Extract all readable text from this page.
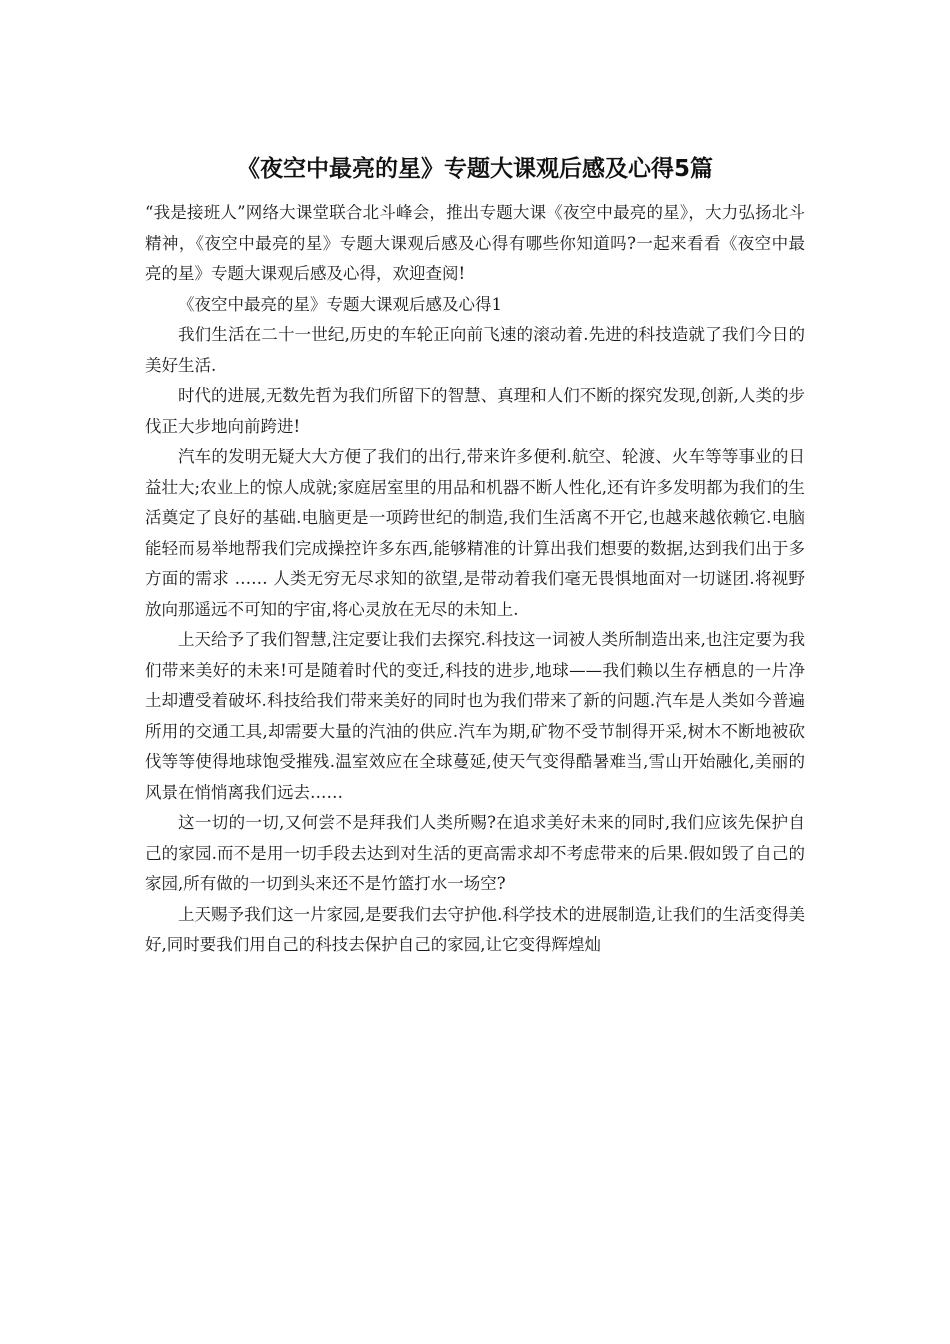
《夜空中最亮的星》专题大课观后感及心得5篇

“我是接班人”网络大课堂联合北斗峰会，推出专题大课《夜空中最亮的星》，大力弘扬北斗精神，《夜空中最亮的星》专题大课观后感及心得有哪些你知道吗?一起来看看《夜空中最亮的星》专题大课观后感及心得，欢迎查阅!

《夜空中最亮的星》专题大课观后感及心得1

我们生活在二十一世纪,历史的车轮正向前飞速的滚动着.先进的科技造就了我们今日的美好生活.

时代的进展,无数先哲为我们所留下的智慧、真理和人们不断的探究发现,创新,人类的步伐正大步地向前跨进!

汽车的发明无疑大大方便了我们的出行,带来许多便利.航空、轮渡、火车等等事业的日益壮大;农业上的惊人成就;家庭居室里的用品和机器不断人性化,还有许多发明都为我们的生活奠定了良好的基础.电脑更是一项跨世纪的制造,我们生活离不开它,也越来越依赖它.电脑能轻而易举地帮我们完成操控许多东西,能够精准的计算出我们想要的数据,达到我们出于多方面的需求 …… 人类无穷无尽求知的欲望,是带动着我们毫无畏惧地面对一切谜团.将视野放向那遥远不可知的宇宙,将心灵放在无尽的未知上.

上天给予了我们智慧,注定要让我们去探究.科技这一词被人类所制造出来,也注定要为我们带来美好的未来!可是随着时代的变迁,科技的进步,地球——我们赖以生存栖息的一片净土却遭受着破坏.科技给我们带来美好的同时也为我们带来了新的问题.汽车是人类如今普遍所用的交通工具,却需要大量的汽油的供应.汽车为期,矿物不受节制得开采,树木不断地被砍伐等等使得地球饱受摧残.温室效应在全球蔓延,使天气变得酷暑难当,雪山开始融化,美丽的风景在悄悄离我们远去……

这一切的一切,又何尝不是拜我们人类所赐?在追求美好未来的同时,我们应该先保护自己的家园.而不是用一切手段去达到对生活的更高需求却不考虑带来的后果.假如毁了自己的家园,所有做的一切到头来还不是竹篮打水一场空?

上天赐予我们这一片家园,是要我们去守护他.科学技术的进展制造,让我们的生活变得美好,同时要我们用自己的科技去保护自己的家园,让它变得辉煌灿
